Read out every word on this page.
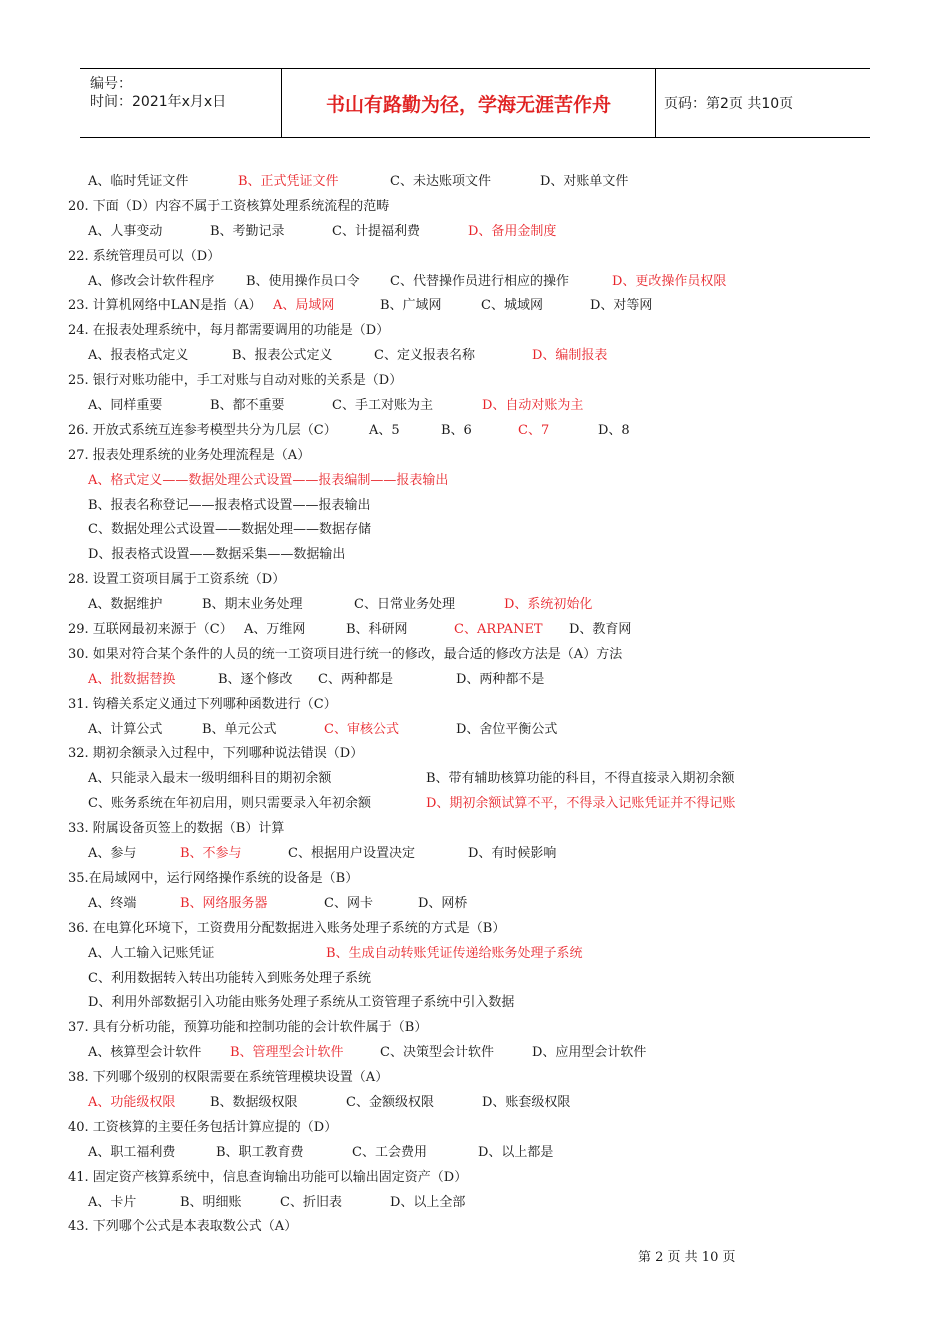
编号：
时间：2021年x月x日	书山有路勤为径，学海无涯苦作舟	页码：第2页 共10页
A、临时凭证文件	B、正式凭证文件	C、未达账项文件	D、对账单文件
20. 下面（D）内容不属于工资核算处理系统流程的范畴
A、人事变动	B、考勤记录	C、计提福利费	D、备用金制度
22. 系统管理员可以（D）
A、修改会计软件程序 B、使用操作员口令 C、代替操作员进行相应的操作	D、更改操作员权限
23. 计算机网络中LAN是指（A） A、局域网	B、广域网	C、城域网	D、对等网
24. 在报表处理系统中，每月都需要调用的功能是（D）
A、报表格式定义	B、报表公式定义	C、定义报表名称	D、编制报表
25. 银行对账功能中，手工对账与自动对账的关系是（D）
A、同样重要	B、都不重要	C、手工对账为主	D、自动对账为主
26. 开放式系统互连参考模型共分为几层（C） A、5	B、6	C、7	D、8
27. 报表处理系统的业务处理流程是（A）
A、格式定义——数据处理公式设置——报表编制——报表输出
B、报表名称登记——报表格式设置——报表输出
C、数据处理公式设置——数据处理——数据存储
D、报表格式设置——数据采集——数据输出
28. 设置工资项目属于工资系统（D）
A、数据维护	B、期末业务处理	C、日常业务处理	D、系统初始化
29. 互联网最初来源于（C） A、万维网	B、科研网	C、ARPANET D、教育网
30. 如果对符合某个条件的人员的统一工资项目进行统一的修改，最合适的修改方法是（A）方法
A、批数据替换	B、逐个修改 C、两种都是	D、两种都不是
31. 钩稽关系定义通过下列哪种函数进行（C）
A、计算公式	B、单元公式	C、审核公式	D、舍位平衡公式
32. 期初余额录入过程中，下列哪种说法错误（D）
A、只能录入最末一级明细科目的期初余额	B、带有辅助核算功能的科目，不得直接录入期初余额
C、账务系统在年初启用，则只需要录入年初余额	D、期初余额试算不平，不得录入记账凭证并不得记账
33. 附属设备页签上的数据（B）计算
A、参与	B、不参与	C、根据用户设置决定	D、有时候影响
35.在局域网中，运行网络操作系统的设备是（B）
A、终端	B、网络服务器	C、网卡	D、网桥
36. 在电算化环境下，工资费用分配数据进入账务处理子系统的方式是（B）
A、人工输入记账凭证	B、生成自动转账凭证传递给账务处理子系统
C、利用数据转入转出功能转入到账务处理子系统
D、利用外部数据引入功能由账务处理子系统从工资管理子系统中引入数据
37. 具有分析功能，预算功能和控制功能的会计软件属于（B）
A、核算型会计软件 B、管理型会计软件	C、决策型会计软件	D、应用型会计软件
38. 下列哪个级别的权限需要在系统管理模块设置（A）
A、功能级权限	B、数据级权限	C、金额级权限	D、账套级权限
40. 工资核算的主要任务包括计算应提的（D）
A、职工福利费	B、职工教育费	C、工会费用	D、以上都是
41. 固定资产核算系统中，信息查询输出功能可以输出固定资产（D）
A、卡片	B、明细账	C、折旧表	D、以上全部
43. 下列哪个公式是本表取数公式（A）
第 2 页 共 10 页
